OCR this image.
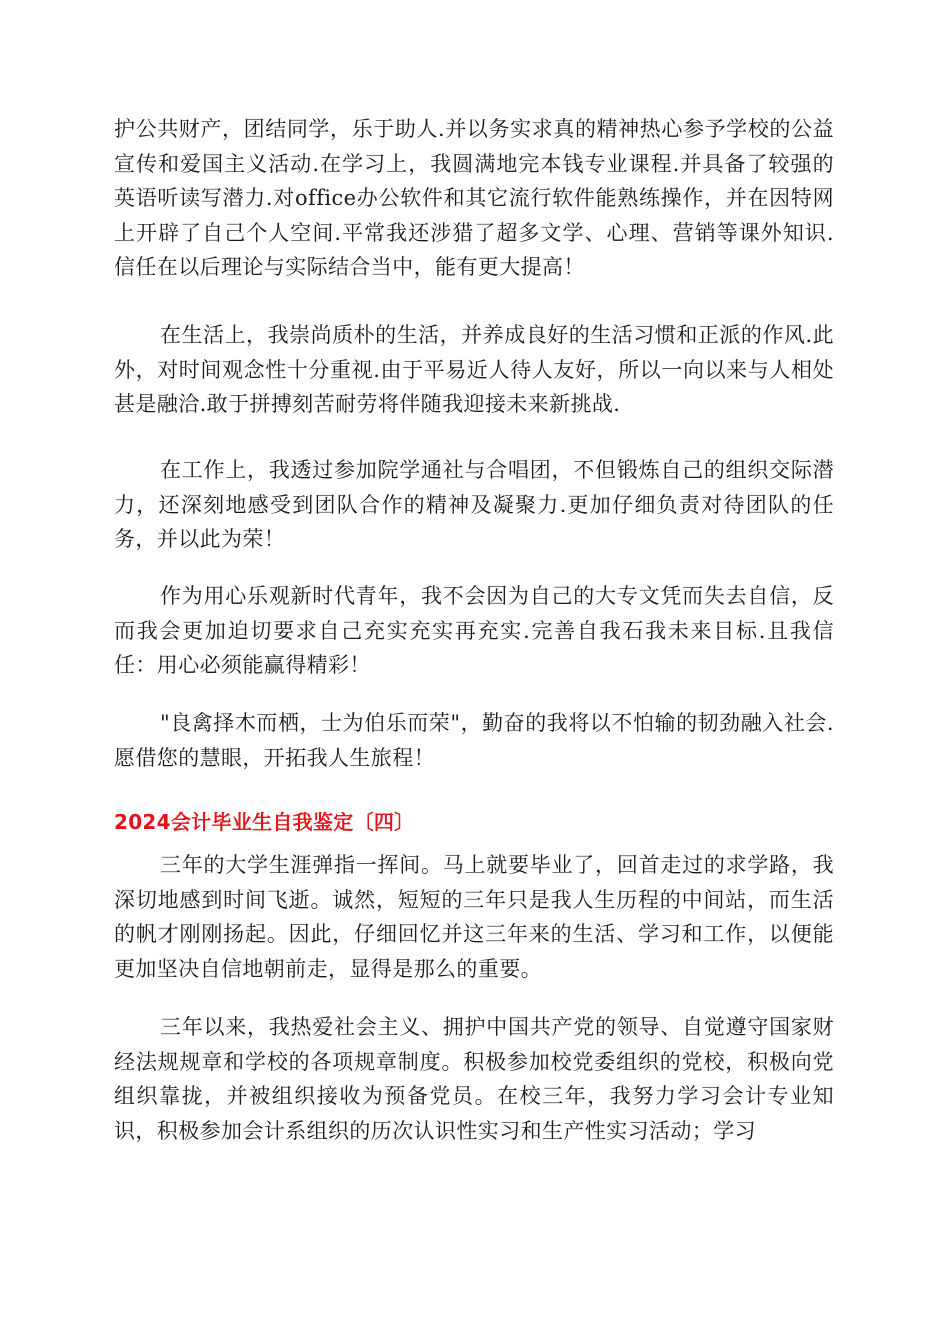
护公共财产，团结同学，乐于助人.并以务实求真的精神热心参予学校的公益宣传和爱国主义活动.在学习上，我圆满地完本钱专业课程.并具备了较强的英语听读写潜力.对office办公软件和其它流行软件能熟练操作，并在因特网上开辟了自己个人空间.平常我还涉猎了超多文学、心理、营销等课外知识.信任在以后理论与实际结合当中，能有更大提高！

在生活上，我崇尚质朴的生活，并养成良好的生活习惯和正派的作风.此外，对时间观念性十分重视.由于平易近人待人友好，所以一向以来与人相处甚是融洽.敢于拼搏刻苦耐劳将伴随我迎接未来新挑战.

在工作上，我透过参加院学通社与合唱团，不但锻炼自己的组织交际潜力，还深刻地感受到团队合作的精神及凝聚力.更加仔细负责对待团队的任务，并以此为荣！

作为用心乐观新时代青年，我不会因为自己的大专文凭而失去自信，反而我会更加迫切要求自己充实充实再充实.完善自我石我未来目标.且我信任：用心必须能赢得精彩！

"良禽择木而栖，士为伯乐而荣"，勤奋的我将以不怕输的韧劲融入社会.愿借您的慧眼，开拓我人生旅程！

2024会计毕业生自我鉴定〔四〕

三年的大学生涯弹指一挥间。马上就要毕业了，回首走过的求学路，我深切地感到时间飞逝。诚然，短短的三年只是我人生历程的中间站，而生活的帆才刚刚扬起。因此，仔细回忆并这三年来的生活、学习和工作，以便能更加坚决自信地朝前走，显得是那么的重要。

三年以来，我热爱社会主义、拥护中国共产党的领导、自觉遵守国家财经法规规章和学校的各项规章制度。积极参加校党委组织的党校，积极向党组织靠拢，并被组织接收为预备党员。在校三年，我努力学习会计专业知识，积极参加会计系组织的历次认识性实习和生产性实习活动；学习
